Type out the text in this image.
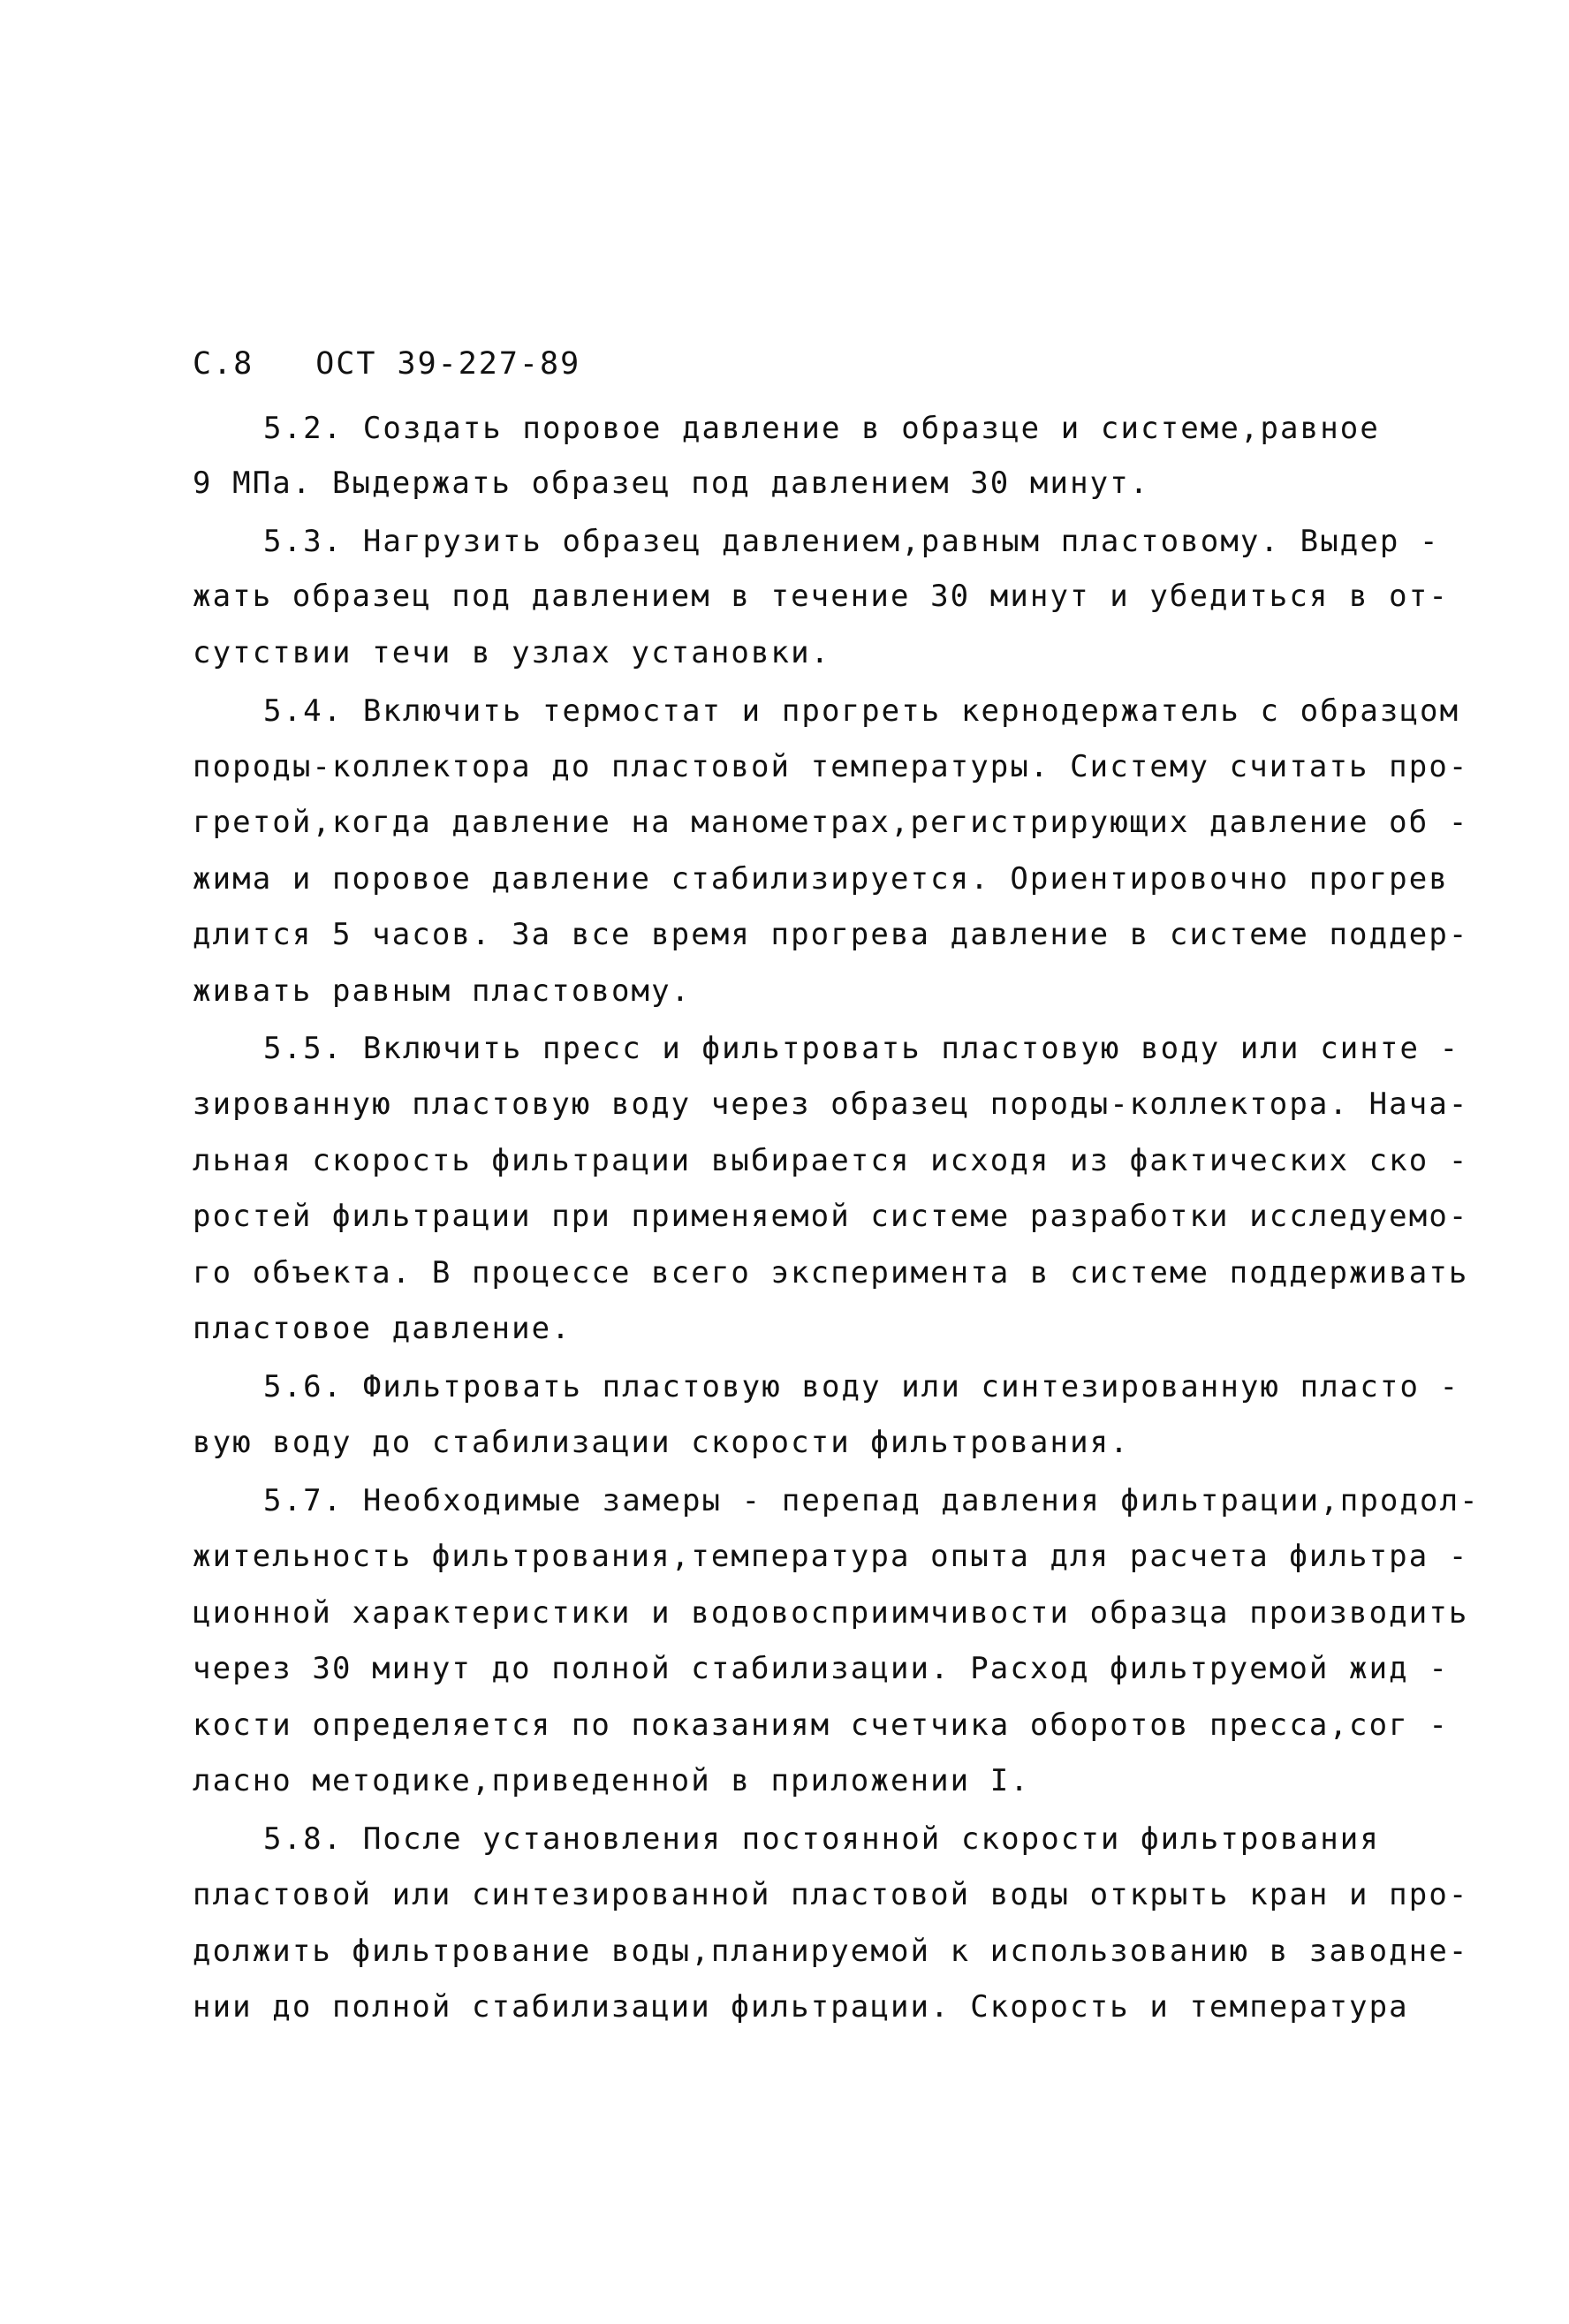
С.8 ОСТ 39-227-89
5.2. Создать поровое давление в образце и системе,равное
9 МПа. Выдержать образец под давлением 30 минут.
5.3. Нагрузить образец давлением,равным пластовому. Выдер -
жать образец под давлением в течение 30 минут и убедиться в от-
сутствии течи в узлах установки.
5.4. Включить термостат и прогреть кернодержатель с образцом
породы-коллектора до пластовой температуры. Систему считать про-
гретой,когда давление на манометрах,регистрирующих давление об -
жима и поровое давление стабилизируется. Ориентировочно прогрев
длится 5 часов. За все время прогрева давление в системе поддер-
живать равным пластовому.
5.5. Включить пресс и фильтровать пластовую воду или синте -
зированную пластовую воду через образец породы-коллектора. Нача-
льная скорость фильтрации выбирается исходя из фактических ско -
ростей фильтрации при применяемой системе разработки исследуемо-
го объекта. В процессе всего эксперимента в системе поддерживать
пластовое давление.
5.6. Фильтровать пластовую воду или синтезированную пласто -
вую воду до стабилизации скорости фильтрования.
5.7. Необходимые замеры - перепад давления фильтрации,продол-
жительность фильтрования,температура опыта для расчета фильтра -
ционной характеристики и водовосприимчивости образца производить
через 30 минут до полной стабилизации. Расход фильтруемой жид -
кости определяется по показаниям счетчика оборотов пресса,сог -
ласно методике,приведенной в приложении I.
5.8. После установления постоянной скорости фильтрования
пластовой или синтезированной пластовой воды открыть кран и про-
должить фильтрование воды,планируемой к использованию в заводне-
нии до полной стабилизации фильтрации. Скорость и температура
